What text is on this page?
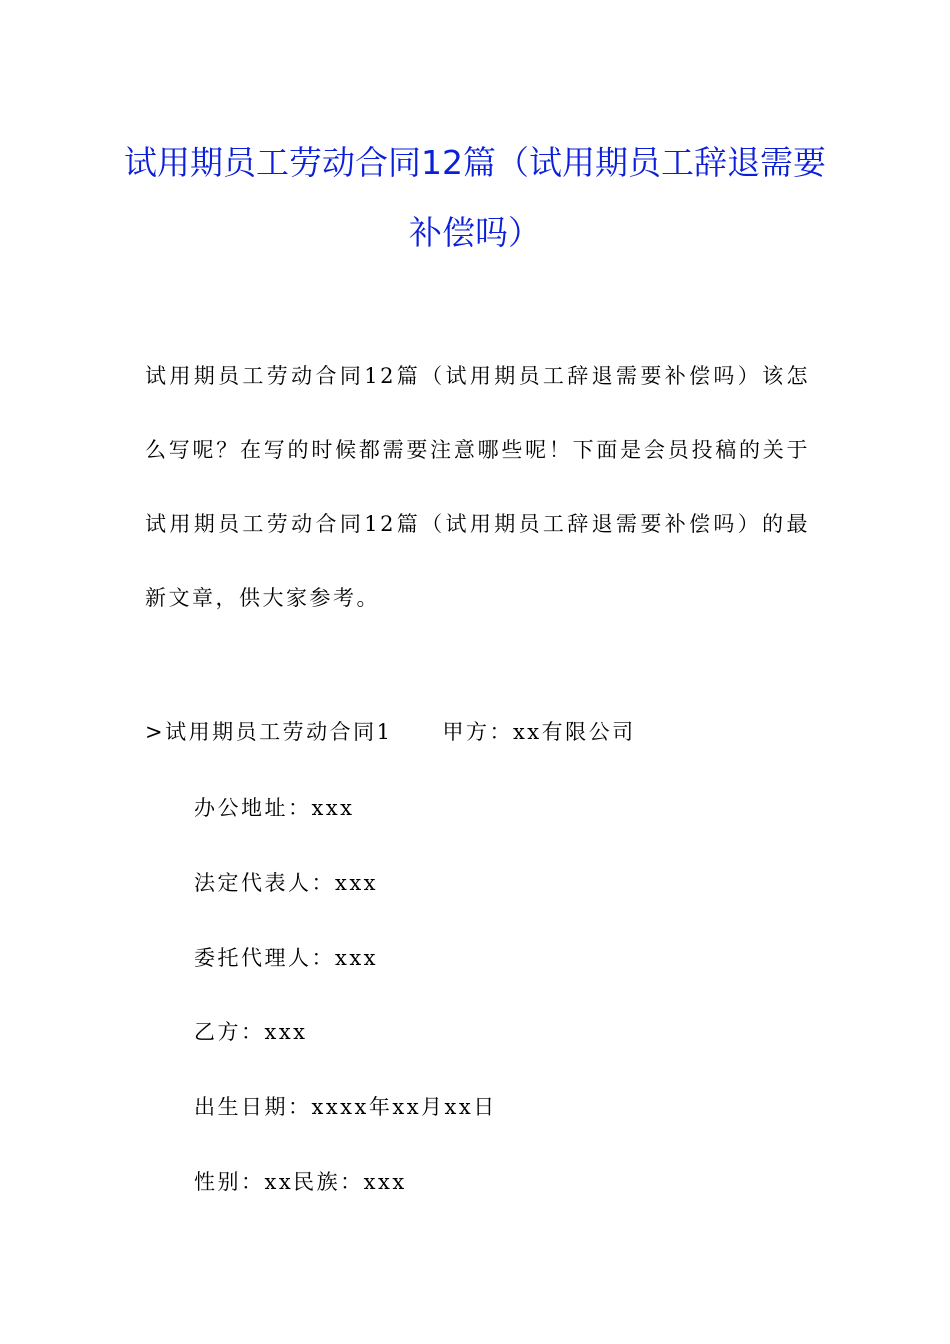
试用期员工劳动合同12篇（试用期员工辞退需要补偿吗）

试用期员工劳动合同12篇（试用期员工辞退需要补偿吗）该怎么写呢？在写的时候都需要注意哪些呢！下面是会员投稿的关于试用期员工劳动合同12篇（试用期员工辞退需要补偿吗）的最新文章，供大家参考。

>试用期员工劳动合同1 甲方：xx有限公司
办公地址：xxx
法定代表人：xxx
委托代理人：xxx
乙方：xxx
出生日期：xxxx年xx月xx日
性别：xx民族：xxx
